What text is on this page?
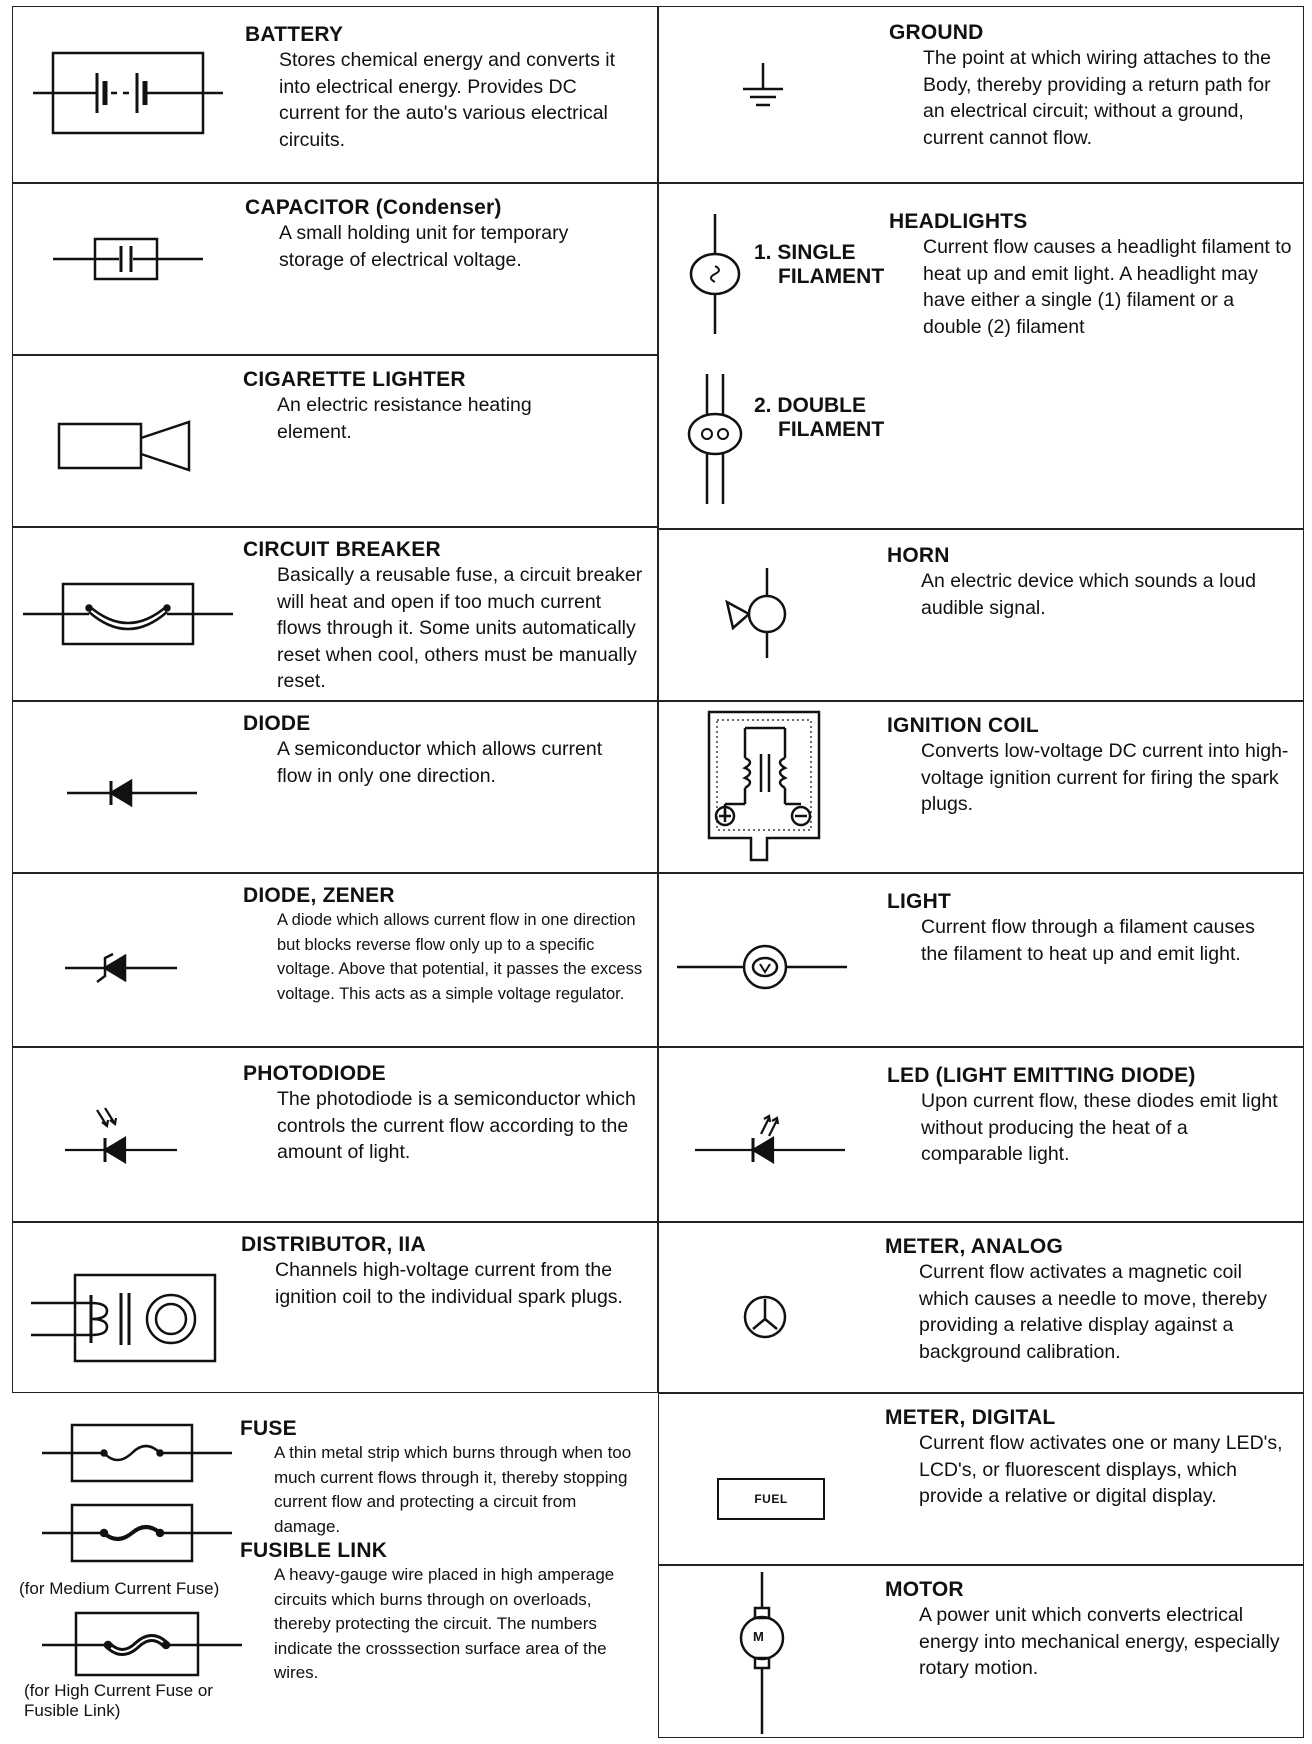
BATTERY
Stores chemical energy and converts it into electrical energy. Provides DC current for the auto's various electrical circuits.
CAPACITOR (Condenser)
A small holding unit for temporary storage of electrical voltage.
CIGARETTE LIGHTER
An electric resistance heating element.
CIRCUIT BREAKER
Basically a reusable fuse, a circuit breaker will heat and open if too much current flows through it. Some units automatically reset when cool, others must be manually reset.
DIODE
A semiconductor which allows current flow in only one direction.
DIODE, ZENER
A diode which allows current flow in one direction but blocks reverse flow only up to a specific voltage. Above that potential, it passes the excess voltage. This acts as a simple voltage regulator.
PHOTODIODE
The photodiode is a semiconductor which controls the current flow according to the amount of light.
DISTRIBUTOR, IIA
Channels high-voltage current from the ignition coil to the individual spark plugs.
(for Medium Current Fuse)
(for High Current Fuse or Fusible Link)
FUSE
A thin metal strip which burns through when too much current flows through it, thereby stopping current flow and protecting a circuit from damage.
FUSIBLE LINK
A heavy-gauge wire placed in high amperage circuits which burns through on overloads, thereby protecting the circuit. The numbers indicate the crosssection surface area of the wires.
GROUND
The point at which wiring attaches to the Body, thereby providing a return path for an electrical circuit; without a ground, current cannot flow.
1. SINGLE
FILAMENT
2. DOUBLE
FILAMENT
HEADLIGHTS
Current flow causes a headlight filament to heat up and emit light. A headlight may have either a single (1) filament or a double (2) filament
HORN
An electric device which sounds a loud audible signal.
IGNITION COIL
Converts low-voltage DC current into high-voltage ignition current for firing the spark plugs.
LIGHT
Current flow through a filament causes the filament to heat up and emit light.
LED (LIGHT EMITTING DIODE)
Upon current flow, these diodes emit light without producing the heat of a comparable light.
METER, ANALOG
Current flow activates a magnetic coil which causes a needle to move, thereby providing a relative display against a background calibration.
FUEL
METER, DIGITAL
Current flow activates one or many LED's, LCD's, or fluorescent displays, which provide a relative or digital display.
M
MOTOR
A power unit which converts electrical energy into mechanical energy, especially rotary motion.
